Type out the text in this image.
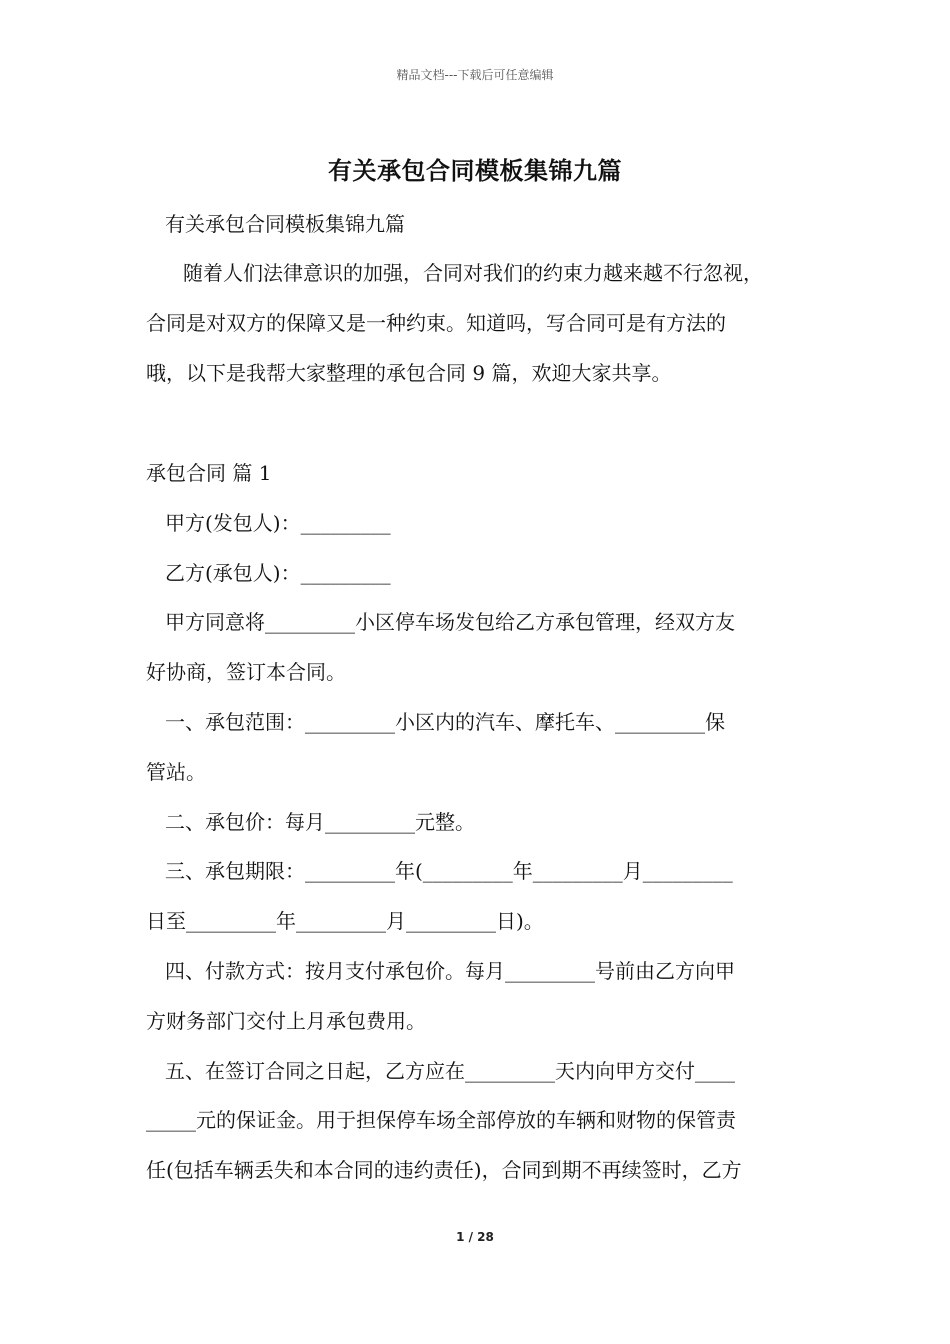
精品文档---下载后可任意编辑
有关承包合同模板集锦九篇
有关承包合同模板集锦九篇
随着人们法律意识的加强，合同对我们的约束力越来越不行忽视，
合同是对双方的保障又是一种约束。知道吗，写合同可是有方法的
哦，以下是我帮大家整理的承包合同 9 篇，欢迎大家共享。
承包合同 篇 1
甲方(发包人)：_________
乙方(承包人)：_________
甲方同意将_________小区停车场发包给乙方承包管理，经双方友
好协商，签订本合同。
一、承包范围：_________小区内的汽车、摩托车、_________保
管站。
二、承包价：每月_________元整。
三、承包期限：_________年(_________年_________月_________
日至_________年_________月_________日)。
四、付款方式：按月支付承包价。每月_________号前由乙方向甲
方财务部门交付上月承包费用。
五、在签订合同之日起，乙方应在_________天内向甲方交付____
_____元的保证金。用于担保停车场全部停放的车辆和财物的保管责
任(包括车辆丢失和本合同的违约责任)，合同到期不再续签时，乙方
1 / 28
